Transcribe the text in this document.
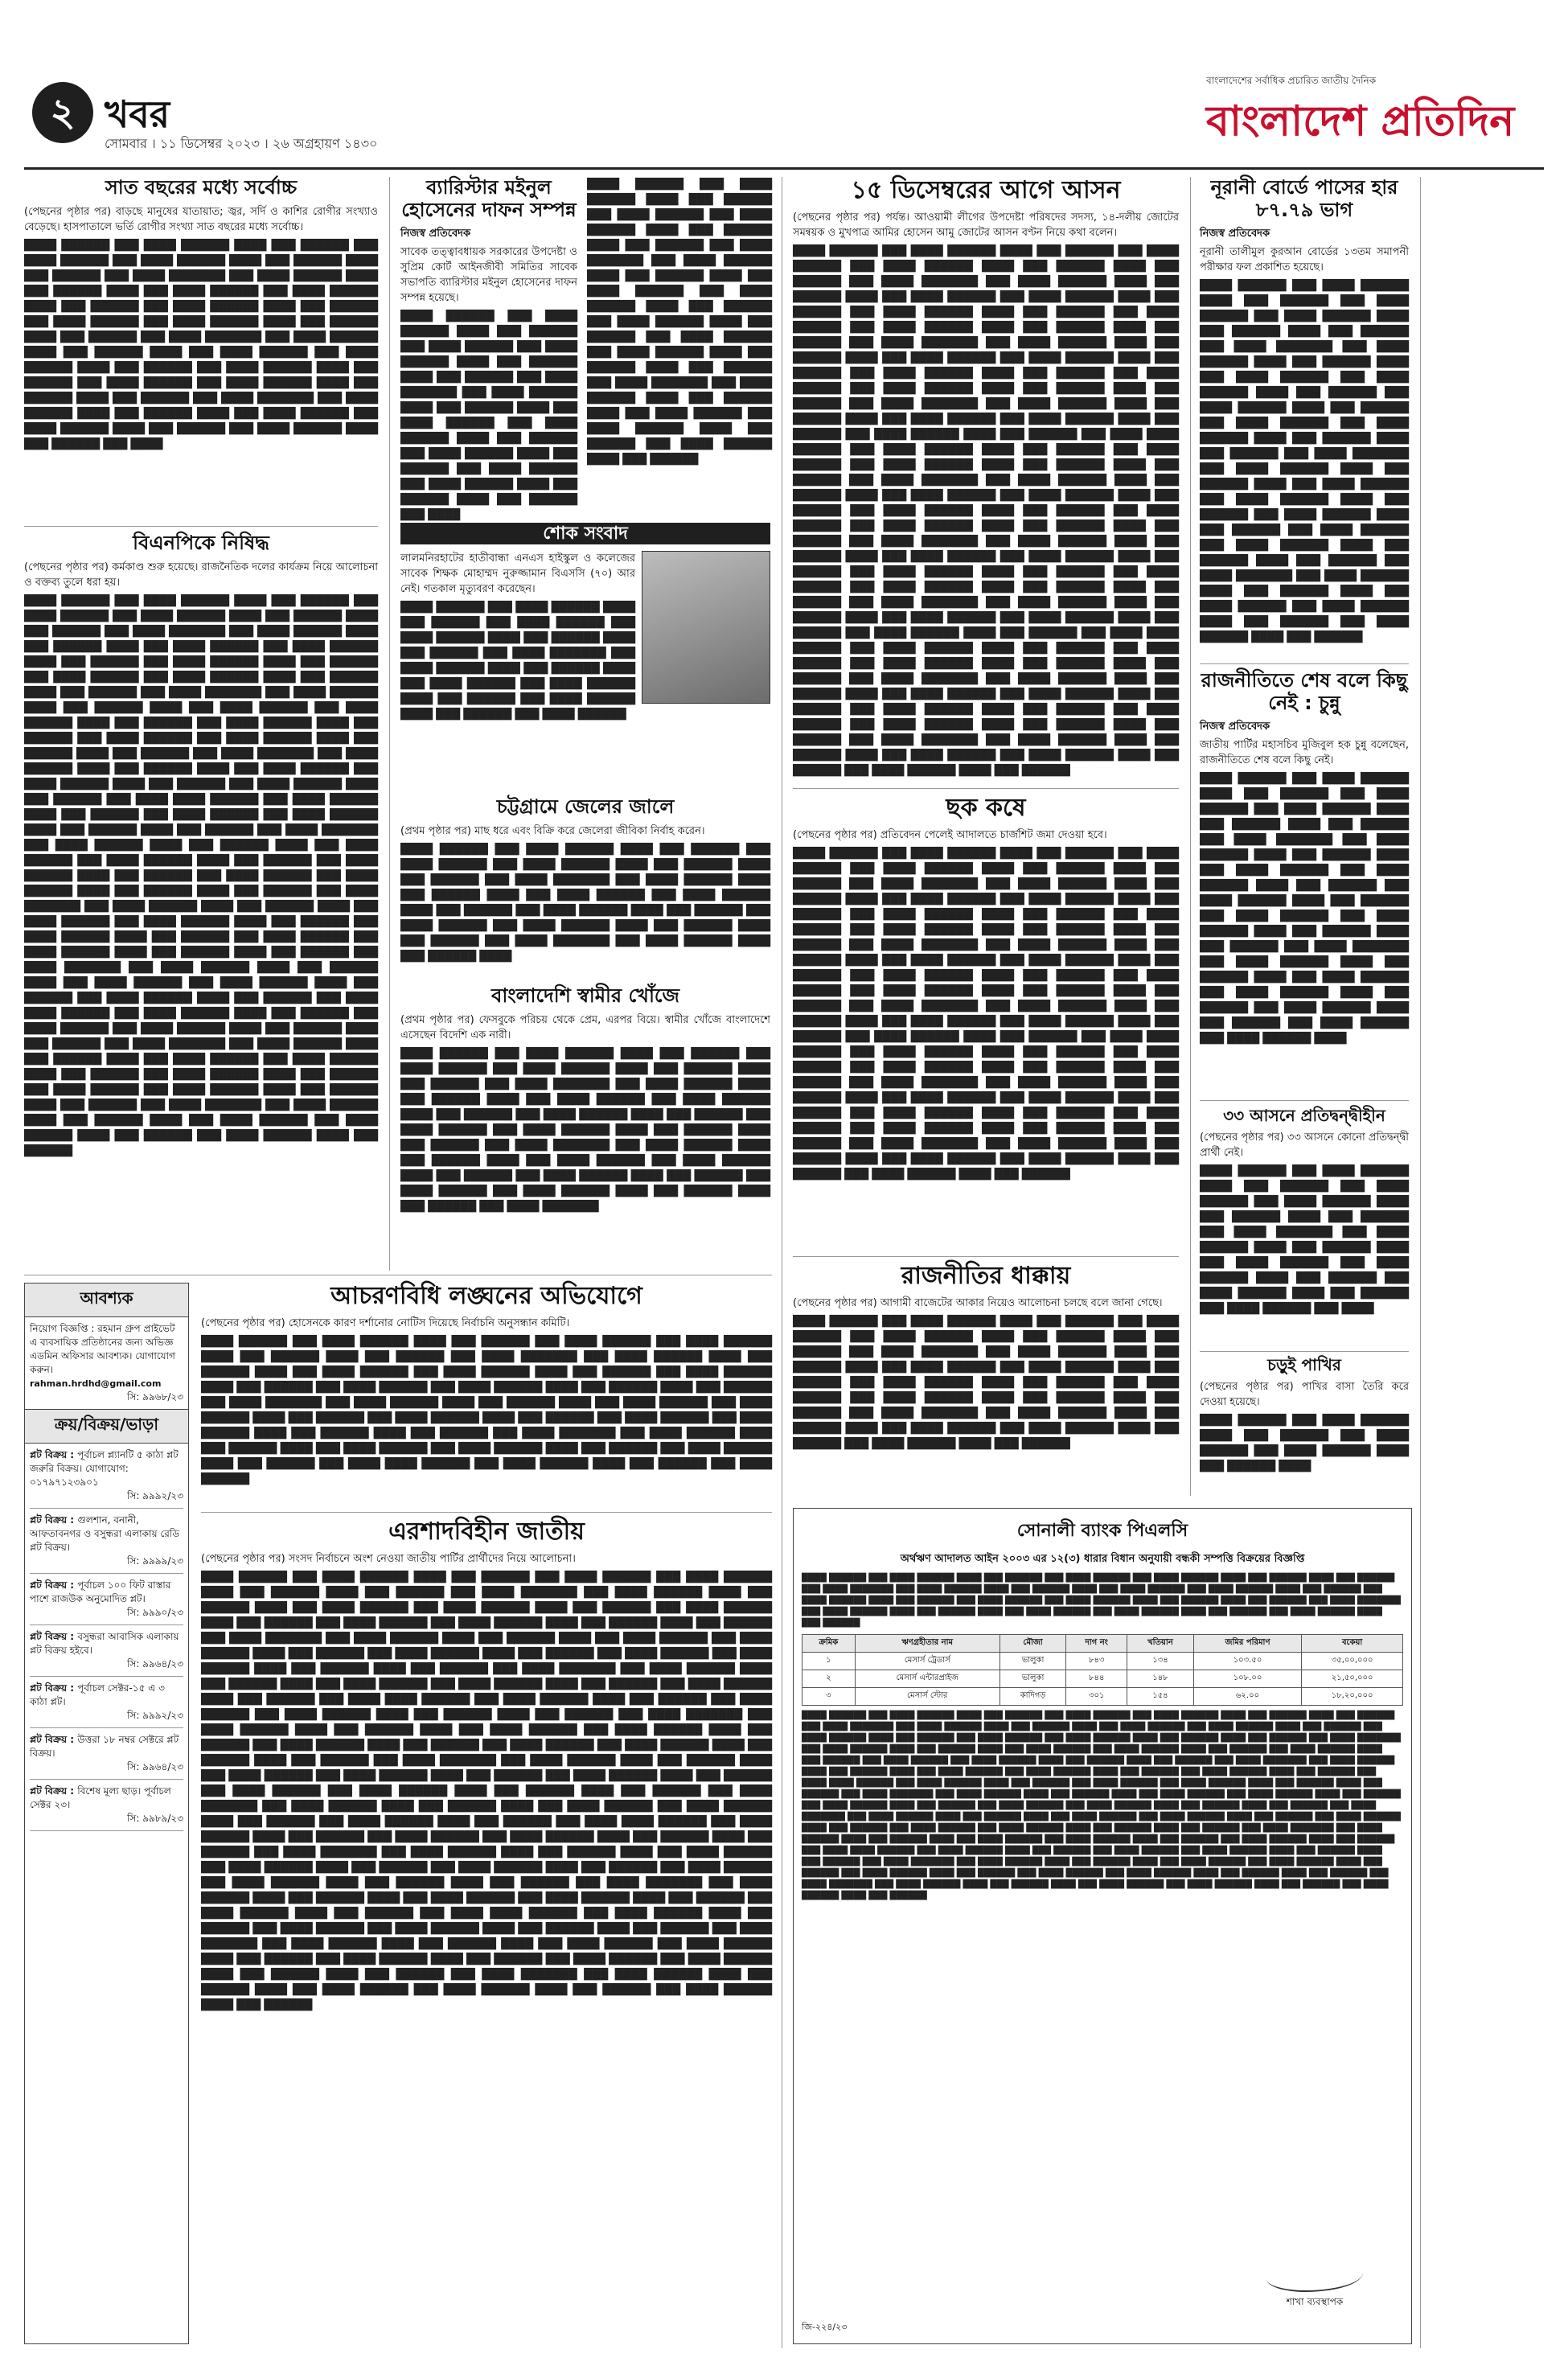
২ খবর
সোমবার । ১১ ডিসেম্বর ২০২৩ । ২৬ অগ্রহায়ণ ১৪৩০
বাংলাদেশের সর্বাধিক প্রচারিত জাতীয় দৈনিক
বাংলাদেশ প্রতিদিন
সাত বছরের মধ্যে সর্বোচ্চ

(পেছনের পৃষ্ঠার পর) বাড়ছে মানুষের যাতায়াত; জ্বর, সর্দি ও কাশির রোগীর সংখ্যাও বেড়েছে। হাসপাতালে ভর্তি রোগীর সংখ্যা সাত বছরের মধ্যে সর্বোচ্চ।

████ ██████ ███ ████ ██████ ████ ███ ██████ ███ ████ ██████ ███ ████ ██████ ████ ███ ██████ ████ ███ ██████ ███ ████ ███████ ███ ████ ██████ ████ ███ ██████ ████ ███ ████ ██████ ███ ████ ██████ ████ ███ ██████ ███ ████ ██████ ████ ███ ██████ ███ ████ ██████ ███ ████ ██████ ████ ███ ██████ ████ ███ ██████ ███ ████ ███████ ███ ████ ██████ ████ ███ ██████ ████ ███ ████ ██████ ███ ████ ██████ ████ ███ ██████ ███ ████ ██████ ████ ███ ██████ ███ ████ ██████ ███ ████ ██████ ████ ███ ██████ ████ ███ ██████ ███ ████ ███████ ███ ████ ██████ ████ ███ ██████ ████ ███ ████ ██████ ███ ████ ██████ ████ ███ ██████ ███ ████ ██████ ████ ███ ██████ ███ ████

বিএনপিকে নিষিদ্ধ

(পেছনের পৃষ্ঠার পর) কর্মকাণ্ড শুরু হয়েছে। রাজনৈতিক দলের কার্যক্রম নিয়ে আলোচনা ও বক্তব্য তুলে ধরা হয়।

████ ██████ ███ ████ ██████ ████ ███ ██████ ███ ████ ██████ ███ ████ ██████ ████ ███ ██████ ████ ███ ██████ ███ ████ ███████ ███ ████ ██████ ████ ███ ██████ ████ ███ ████ ██████ ███ ████ ██████ ████ ███ ██████ ███ ████ ██████ ████ ███ ██████ ███ ████ ██████ ███ ████ ██████ ████ ███ ██████ ████ ███ ██████ ███ ████ ███████ ███ ████ ██████ ████ ███ ██████ ████ ███ ████ ██████ ███ ████ ██████ ████ ███ ██████ ███ ████ ██████ ████ ███ ██████ ███ ████ ██████ ███ ████ ██████ ████ ███ ██████ ████ ███ ██████ ███ ████ ███████ ███ ████ ██████ ████ ███ ██████ ████ ███ ████ ██████ ███ ████ ██████ ████ ███ ██████ ███ ████ ██████ ████ ███ ██████ ███ ████ ████ ██████ ███ ████ ██████ ████ ███ ██████ ███ ████ ██████ ███ ████ ██████ ████ ███ ██████ ████ ███ ██████ ███ ████ ███████ ███ ████ ██████ ████ ███ ██████ ████ ███ ████ ██████ ███ ████ ██████ ████ ███ ██████ ███ ████ ██████ ████ ███ ██████ ███ ████ ██████ ███ ████ ██████ ████ ███ ██████ ████ ███ ██████ ███ ████ ███████ ███ ████ ██████ ████ ███ ██████ ████ ███ ████ ██████ ███ ████ ██████ ████ ███ ██████ ███ ████ ██████ ████ ███ ██████ ███ ████ ██████ ███ ████ ██████ ████ ███ ██████ ████ ███ ██████ ███ ████ ███████ ███ ████ ██████ ████ ███ ██████ ████ ███ ████ ██████ ███ ████ ██████ ████ ███ ██████ ███ ████ ██████ ████ ███ ██████ ███ ████ ████ ██████ ███ ████ ██████ ████ ███ ██████ ███ ████ ██████ ███ ████ ██████ ████ ███ ██████ ████ ███ ██████ ███ ████ ███████ ███ ████ ██████ ████ ███ ██████ ████ ███ ████ ██████ ███ ████ ██████ ████ ███ ██████ ███ ████ ██████ ████ ███ ██████ ███ ████ ██████ ███ ████ ██████ ████ ███ ██████ ████ ███ ██████ ███ ████ ███████ ███ ████ ██████ ████ ███ ██████ ████ ███ ████ ██████ ███ ████ ██████ ████ ███ ██████ ███ ████ ██████ ████ ███ ██████

ব্যারিস্টার মইনুল হোসেনের দাফন সম্পন্ন
নিজস্ব প্রতিবেদক

সাবেক তত্ত্বাবধায়ক সরকারের উপদেষ্টা ও সুপ্রিম কোর্ট আইনজীবী সমিতির সাবেক সভাপতি ব্যারিস্টার মইনুল হোসেনের দাফন সম্পন্ন হয়েছে।

████ ██████ ███ ████ ██████ ████ ███ ██████ ███ ████ ██████ ███ ████ ██████ ████ ███ ██████ ████ ███ ██████ ███ ████ ███████ ███ ████ ██████ ████ ███ ██████ ████ ███ ████ ██████ ███ ████ ██████ ████ ███ ██████ ███ ████ ██████ ████ ███ ██████ ███ ████ ██████ ███ ████ ██████ ████ ███ ██████ ████ ███ ██████ ███ ████

████ ██████ ███ ████ ██████ ████ ███ ██████ ███ ████ ██████ ███ ████ ██████ ████ ███ ██████ ████ ███ ██████ ███ ████ ███████ ███ ████ ██████ ████ ███ ██████ ████ ███ ████ ██████ ███ ████ ██████ ████ ███ ██████ ███ ████ ██████ ████ ███ ██████ ███ ████ ██████ ███ ████ ██████ ████ ███ ██████ ████ ███ ██████ ███ ████ ███████ ███ ████ ██████ ████ ███ ██████ ████ ███ ████ ██████ ███ ████ ██████ ████ ███ ██████ ███ ████ ██████ ████ ███ ██████

শোক সংবাদ

লালমনিরহাটের হাতীবান্ধা এনএস হাইস্কুল ও কলেজের সাবেক শিক্ষক মোহাম্মদ নুরুজ্জামান বিএসসি (৭০) আর নেই। গতকাল মৃত্যুবরণ করেছেন।

████ ██████ ███ ████ ██████ ████ ███ ██████ ███ ████ ██████ ███ ████ ██████ ████ ███ ██████ ████ ███ ██████ ███ ████ ███████ ███ ████ ██████ ████ ███ ██████ ████ ███ ████ ██████ ███ ████ ██████ ████ ███ ██████ ███ ████ ██████ ████ ███ ██████ ███ ████ ██████

চট্টগ্রামে জেলের জালে

(প্রথম পৃষ্ঠার পর) মাছ ধরে এবং বিক্রি করে জেলেরা জীবিকা নির্বাহ করেন।

████ ██████ ███ ████ ██████ ████ ███ ██████ ███ ████ ██████ ███ ████ ██████ ████ ███ ██████ ████ ███ ██████ ███ ████ ███████ ███ ████ ██████ ████ ███ ██████ ████ ███ ████ ██████ ███ ████ ██████ ████ ███ ██████ ███ ████ ██████ ████ ███ ██████ ███ ████ ██████ ███ ████ ██████ ████ ███ ██████ ████ ███ ██████ ███ ████ ███████ ███ ████ ██████ ████ ███ ██████ ████

বাংলাদেশি স্বামীর খোঁজে

(প্রথম পৃষ্ঠার পর) ফেসবুকে পরিচয় থেকে প্রেম, এরপর বিয়ে। স্বামীর খোঁজে বাংলাদেশে এসেছেন বিদেশি এক নারী।

████ ██████ ███ ████ ██████ ████ ███ ██████ ███ ████ ██████ ███ ████ ██████ ████ ███ ██████ ████ ███ ██████ ███ ████ ███████ ███ ████ ██████ ████ ███ ██████ ████ ███ ████ ██████ ███ ████ ██████ ████ ███ ██████ ███ ████ ██████ ████ ███ ██████ ███ ████ ██████ ███ ████ ██████ ████ ███ ██████ ████ ███ ██████ ███ ████ ███████ ███ ████ ██████ ████ ███ ██████ ████ ███ ████ ██████ ███ ████ ██████ ████ ███ ██████ ███ ████ ██████ ████ ███ ██████ ███ ████ ██████ ███ ████ ██████ ████ ███ ██████ ████ ███ ██████ ███ ████ ███████

আবশ্যক

নিয়োগ বিজ্ঞপ্তি : রহমান গ্রুপ প্রাইভেট এ ব্যবসায়িক প্রতিষ্ঠানের জন্য অভিজ্ঞ এডমিন অফিসার আবশ্যক। যোগাযোগ করুন।

rahman.hrdhd@gmail.com

সি: ৯৯৬৮/২৩

ক্রয়/বিক্রয়/ভাড়া
প্লট বিক্রয় : পূর্বাচল প্ল্যানটি ৫ কাঠা প্লট জরুরি বিক্রয়। যোগাযোগ: ০১৭৯৭১২৩৯০১
সি: ৯৯৯২/২৩
প্লট বিক্রয় : গুলশান, বনানী, আফতাবনগর ও বসুন্ধরা এলাকায় রেডি প্লট বিক্রয়।
সি: ৯৯৯৯/২৩
প্লট বিক্রয় : পূর্বাচল ১০০ ফিট রাস্তার পাশে রাজউক অনুমোদিত প্লট।
সি: ৯৯৯০/২৩
প্লট বিক্রয় : বসুন্ধরা আবাসিক এলাকায় প্লট বিক্রয় হইবে।
সি: ৯৯৬৪/২৩
প্লট বিক্রয় : পূর্বাচল সেক্টর-১৫ এ ৩ কাঠা প্লট।
সি: ৯৯৯২/২৩
প্লট বিক্রয় : উত্তরা ১৮ নম্বর সেক্টরে প্লট বিক্রয়।
সি: ৯৯৬৪/২৩
প্লট বিক্রয় : বিশেষ মূল্য ছাড়। পূর্বাচল সেক্টর ২৩।
সি: ৯৯৮৯/২৩
আচরণবিধি লঙ্ঘনের অভিযোগে

(পেছনের পৃষ্ঠার পর) হোসেনকে কারণ দর্শানোর নোটিস দিয়েছে নির্বাচনি অনুসন্ধান কমিটি।

████ ██████ ███ ████ ██████ ████ ███ ██████ ███ ████ ██████ ███ ████ ██████ ████ ███ ██████ ████ ███ ██████ ███ ████ ███████ ███ ████ ██████ ████ ███ ██████ ████ ███ ████ ██████ ███ ████ ██████ ████ ███ ██████ ███ ████ ██████ ████ ███ ██████ ███ ████ ██████ ███ ████ ██████ ████ ███ ██████ ████ ███ ██████ ███ ████ ███████ ███ ████ ██████ ████ ███ ██████ ████ ███ ████ ██████ ███ ████ ██████ ████ ███ ██████ ███ ████ ██████ ████ ███ ██████ ███ ████ ██████ ███ ████ ██████ ████ ███ ██████ ████ ███ ██████ ███ ████ ███████ ███ ████ ██████ ████ ███ ██████ ████ ███ ████ ██████ ███ ████ ██████ ████ ███ ██████ ███ ████ ██████ ████ ███ ██████ ███ ████ ████ ██████ ███ ████ ██████ ████ ███ ██████ ███ ████ ██████

এরশাদবিহীন জাতীয়

(পেছনের পৃষ্ঠার পর) সংসদ নির্বাচনে অংশ নেওয়া জাতীয় পার্টির প্রার্থীদের নিয়ে আলোচনা।

████ ██████ ███ ████ ██████ ████ ███ ██████ ███ ████ ██████ ███ ████ ██████ ████ ███ ██████ ████ ███ ██████ ███ ████ ███████ ███ ████ ██████ ████ ███ ██████ ████ ███ ████ ██████ ███ ████ ██████ ████ ███ ██████ ███ ████ ██████ ████ ███ ██████ ███ ████ ██████ ███ ████ ██████ ████ ███ ██████ ████ ███ ██████ ███ ████ ███████ ███ ████ ██████ ████ ███ ██████ ████ ███ ████ ██████ ███ ████ ██████ ████ ███ ██████ ███ ████ ██████ ████ ███ ██████ ███ ████ ██████ ███ ████ ██████ ████ ███ ██████ ████ ███ ██████ ███ ████ ███████ ███ ████ ██████ ████ ███ ██████ ████ ███ ████ ██████ ███ ████ ██████ ████ ███ ██████ ███ ████ ██████ ████ ███ ██████ ███ ████ ████ ██████ ███ ████ ██████ ████ ███ ██████ ███ ████ ██████ ███ ████ ██████ ████ ███ ██████ ████ ███ ██████ ███ ████ ███████ ███ ████ ██████ ████ ███ ██████ ████ ███ ████ ██████ ███ ████ ██████ ████ ███ ██████ ███ ████ ██████ ████ ███ ██████ ███ ████ ██████ ███ ████ ██████ ████ ███ ██████ ████ ███ ██████ ███ ████ ███████ ███ ████ ██████ ████ ███ ██████ ████ ███ ████ ██████ ███ ████ ██████ ████ ███ ██████ ███ ████ ██████ ████ ███ ██████ ███ ████ ██████ ███ ████ ██████ ████ ███ ██████ ████ ███ ██████ ███ ████ ███████ ███ ████ ██████ ████ ███ ██████ ████ ███ ████ ██████ ███ ████ ██████ ████ ███ ██████ ███ ████ ██████ ████ ███ ██████ ███ ████ ████ ██████ ███ ████ ██████ ████ ███ ██████ ███ ████ ██████ ███ ████ ██████ ████ ███ ██████ ████ ███ ██████ ███ ████ ███████ ███ ████ ██████ ████ ███ ██████ ████ ███ ████ ██████ ███ ████ ██████ ████ ███ ██████ ███ ████ ██████ ████ ███ ██████ ███ ████ ██████ ███ ████ ██████ ████ ███ ██████ ████ ███ ██████ ███ ████ ███████ ███ ████ ██████ ████ ███ ██████ ████ ███ ████ ██████ ███ ████ ██████ ████ ███ ██████ ███ ████ ██████ ████ ███ ██████ ███ ████ ████ ██████ ███ ████ ██████ ████ ███ ██████ ███ ████ ██████ ███ ████ ██████ ████ ███ ██████ ████ ███ ██████ ███ ████ ███████ ███ ████ ██████ ████ ███ ██████ ████ ███ ████ ██████ ███ ████ ██████ ████ ███ ██████ ███ ████ ██████ ████ ███ ██████ ███ ████ ██████ ███ ████ ██████ ████ ███ ██████ ████ ███ ██████ ███ ████ ███████ ███ ████ ██████ ████ ███ ██████ ████ ███ ████ ██████ ███ ████ ██████ ████ ███ ██████ ███ ████ ██████ ████ ███ ██████

১৫ ডিসেম্বরের আগে আসন

(পেছনের পৃষ্ঠার পর) পর্যন্ত। আওয়ামী লীগের উপদেষ্টা পরিষদের সদস্য, ১৪-দলীয় জোটের সমন্বয়ক ও মুখপাত্র আমির হোসেন আমু জোটের আসন বণ্টন নিয়ে কথা বলেন।

████ ██████ ███ ████ ██████ ████ ███ ██████ ███ ████ ██████ ███ ████ ██████ ████ ███ ██████ ████ ███ ██████ ███ ████ ███████ ███ ████ ██████ ████ ███ ██████ ████ ███ ████ ██████ ███ ████ ██████ ████ ███ ██████ ███ ████ ██████ ████ ███ ██████ ███ ████ ██████ ███ ████ ██████ ████ ███ ██████ ████ ███ ██████ ███ ████ ███████ ███ ████ ██████ ████ ███ ██████ ████ ███ ████ ██████ ███ ████ ██████ ████ ███ ██████ ███ ████ ██████ ████ ███ ██████ ███ ████ ██████ ███ ████ ██████ ████ ███ ██████ ████ ███ ██████ ███ ████ ███████ ███ ████ ██████ ████ ███ ██████ ████ ███ ████ ██████ ███ ████ ██████ ████ ███ ██████ ███ ████ ██████ ████ ███ ██████ ███ ████ ████ ██████ ███ ████ ██████ ████ ███ ██████ ███ ████ ██████ ███ ████ ██████ ████ ███ ██████ ████ ███ ██████ ███ ████ ███████ ███ ████ ██████ ████ ███ ██████ ████ ███ ████ ██████ ███ ████ ██████ ████ ███ ██████ ███ ████ ██████ ████ ███ ██████ ███ ████ ██████ ███ ████ ██████ ████ ███ ██████ ████ ███ ██████ ███ ████ ███████ ███ ████ ██████ ████ ███ ██████ ████ ███ ████ ██████ ███ ████ ██████ ████ ███ ██████ ███ ████ ██████ ████ ███ ██████ ███ ████ ██████ ███ ████ ██████ ████ ███ ██████ ████ ███ ██████ ███ ████ ███████ ███ ████ ██████ ████ ███ ██████ ████ ███ ████ ██████ ███ ████ ██████ ████ ███ ██████ ███ ████ ██████ ████ ███ ██████ ███ ████ ████ ██████ ███ ████ ██████ ████ ███ ██████ ███ ████ ██████ ███ ████ ██████ ████ ███ ██████ ████ ███ ██████ ███ ████ ███████ ███ ████ ██████ ████ ███ ██████ ████ ███ ████ ██████ ███ ████ ██████ ████ ███ ██████ ███ ████ ██████ ████ ███ ██████ ███ ████ ██████ ███ ████ ██████ ████ ███ ██████ ████ ███ ██████ ███ ████ ███████ ███ ████ ██████ ████ ███ ██████ ████ ███ ████ ██████ ███ ████ ██████ ████ ███ ██████ ███ ████ ██████ ████ ███ ██████

ছক কষে

(পেছনের পৃষ্ঠার পর) প্রতিবেদন পেলেই আদালতে চার্জশিট জমা দেওয়া হবে।

████ ██████ ███ ████ ██████ ████ ███ ██████ ███ ████ ██████ ███ ████ ██████ ████ ███ ██████ ████ ███ ██████ ███ ████ ███████ ███ ████ ██████ ████ ███ ██████ ████ ███ ████ ██████ ███ ████ ██████ ████ ███ ██████ ███ ████ ██████ ████ ███ ██████ ███ ████ ██████ ███ ████ ██████ ████ ███ ██████ ████ ███ ██████ ███ ████ ███████ ███ ████ ██████ ████ ███ ██████ ████ ███ ████ ██████ ███ ████ ██████ ████ ███ ██████ ███ ████ ██████ ████ ███ ██████ ███ ████ ██████ ███ ████ ██████ ████ ███ ██████ ████ ███ ██████ ███ ████ ███████ ███ ████ ██████ ████ ███ ██████ ████ ███ ████ ██████ ███ ████ ██████ ████ ███ ██████ ███ ████ ██████ ████ ███ ██████ ███ ████ ████ ██████ ███ ████ ██████ ████ ███ ██████ ███ ████ ██████ ███ ████ ██████ ████ ███ ██████ ████ ███ ██████ ███ ████ ███████ ███ ████ ██████ ████ ███ ██████ ████ ███ ████ ██████ ███ ████ ██████ ████ ███ ██████ ███ ████ ██████ ████ ███ ██████ ███ ████ ██████ ███ ████ ██████ ████ ███ ██████ ████ ███ ██████ ███ ████ ███████ ███ ████ ██████ ████ ███ ██████ ████ ███ ████ ██████ ███ ████ ██████ ████ ███ ██████ ███ ████ ██████ ████ ███ ██████

রাজনীতির ধাক্কায়

(পেছনের পৃষ্ঠার পর) আগামী বাজেটের আকার নিয়েও আলোচনা চলছে বলে জানা গেছে।

████ ██████ ███ ████ ██████ ████ ███ ██████ ███ ████ ██████ ███ ████ ██████ ████ ███ ██████ ████ ███ ██████ ███ ████ ███████ ███ ████ ██████ ████ ███ ██████ ████ ███ ████ ██████ ███ ████ ██████ ████ ███ ██████ ███ ████ ██████ ████ ███ ██████ ███ ████ ██████ ███ ████ ██████ ████ ███ ██████ ████ ███ ██████ ███ ████ ███████ ███ ████ ██████ ████ ███ ██████ ████ ███ ████ ██████ ███ ████ ██████ ████ ███ ██████ ███ ████ ██████ ████ ███ ██████

সোনালী ব্যাংক পিএলসি
অর্থঋণ আদালত আইন ২০০৩ এর ১২(৩) ধারার বিধান অনুযায়ী বন্ধকী সম্পত্তি বিক্রয়ের বিজ্ঞপ্তি

████ ██████ ███ ████ ██████ ████ ███ ██████ ███ ████ ██████ ███ ████ ██████ ████ ███ ██████ ████ ███ ██████ ███ ████ ███████ ███ ████ ██████ ████ ███ ██████ ████ ███ ████ ██████ ███ ████ ██████ ████ ███ ██████ ███ ████ ██████ ████ ███ ██████ ███ ████ ██████ ███ ████ ██████ ████ ███ ██████ ████ ███ ██████ ███ ████ ███████ ███ ████ ██████ ████ ███ ██████ ████ ███ ████ ██████ ███ ████ ██████ ████ ███ ██████ ███ ████ ██████ ████ ███ ██████

ক্রমিক	ঋণগ্রহীতার নাম	মৌজা	দাগ নং	খতিয়ান	জমির পরিমাণ	বকেয়া
১	মেসার্স ট্রেডার্স	ভালুকা	৮৪৩	১৩৪	১০৩.৫০	৩৫,০০,০০০
২	মেসার্স এন্টারপ্রাইজ	ভালুকা	৮৪৪	১৪৮	১০৮.০০	২১,৫০,০০০
৩	মেসার্স স্টোর	কাদিগড়	৩০১	১৫৪	৬২.০০	১৮,২০,০০০

████ ██████ ███ ████ ██████ ████ ███ ██████ ███ ████ ██████ ███ ████ ██████ ████ ███ ██████ ████ ███ ██████ ███ ████ ███████ ███ ████ ██████ ████ ███ ██████ ████ ███ ████ ██████ ███ ████ ██████ ████ ███ ██████ ███ ████ ██████ ████ ███ ██████ ███ ████ ██████ ███ ████ ██████ ████ ███ ██████ ████ ███ ██████ ███ ████ ███████ ███ ████ ██████ ████ ███ ██████ ████ ███ ████ ██████ ███ ████ ██████ ████ ███ ██████ ███ ████ ██████ ████ ███ ██████ ███ ████ ██████ ███ ████ ██████ ████ ███ ██████ ████ ███ ██████ ███ ████ ███████ ███ ████ ██████ ████ ███ ██████ ████ ███ ████ ██████ ███ ████ ██████ ████ ███ ██████ ███ ████ ██████ ████ ███ ██████ ███ ████ ████ ██████ ███ ████ ██████ ████ ███ ██████ ███ ████ ██████ ███ ████ ██████ ████ ███ ██████ ████ ███ ██████ ███ ████ ███████ ███ ████ ██████ ████ ███ ██████ ████ ███ ████ ██████ ███ ████ ██████ ████ ███ ██████ ███ ████ ██████ ████ ███ ██████ ███ ████ ██████ ███ ████ ██████ ████ ███ ██████ ████ ███ ██████ ███ ████ ███████ ███ ████ ██████ ████ ███ ██████ ████ ███ ████ ██████ ███ ████ ██████ ████ ███ ██████ ███ ████ ██████ ████ ███ ██████ ███ ████ ██████ ███ ████ ██████ ████ ███ ██████ ████ ███ ██████ ███ ████ ███████ ███ ████ ██████ ████ ███ ██████ ████ ███ ████ ██████ ███ ████ ██████ ████ ███ ██████ ███ ████ ██████ ████ ███ ██████ ███ ████ ████ ██████ ███ ████ ██████ ████ ███ ██████ ███ ████ ██████ ███ ████ ██████ ████ ███ ██████ ████ ███ ██████ ███ ████ ███████ ███ ████ ██████ ████ ███ ██████ ████ ███ ████ ██████ ███ ████ ██████ ████ ███ ██████ ███ ████ ██████ ████ ███ ██████ ███ ████ ██████ ███ ████ ██████ ████ ███ ██████ ████ ███ ██████ ███ ████ ███████ ███ ████ ██████ ████ ███ ██████ ████ ███ ████ ██████ ███ ████ ██████ ████ ███ ██████ ███ ████ ██████ ████ ███ ██████

শাখা ব্যবস্থাপক
জি-২২৪/২৩
নূরানী বোর্ডে পাসের হার ৮৭.৭৯ ভাগ
নিজস্ব প্রতিবেদক

নূরানী তালীমুল কুরআন বোর্ডের ১৩তম সমাপনী পরীক্ষার ফল প্রকাশিত হয়েছে।

████ ██████ ███ ████ ██████ ████ ███ ██████ ███ ████ ██████ ███ ████ ██████ ████ ███ ██████ ████ ███ ██████ ███ ████ ███████ ███ ████ ██████ ████ ███ ██████ ████ ███ ████ ██████ ███ ████ ██████ ████ ███ ██████ ███ ████ ██████ ████ ███ ██████ ███ ████ ██████ ███ ████ ██████ ████ ███ ██████ ████ ███ ██████ ███ ████ ███████ ███ ████ ██████ ████ ███ ██████ ████ ███ ████ ██████ ███ ████ ██████ ████ ███ ██████ ███ ████ ██████ ████ ███ ██████ ███ ████ ██████ ███ ████ ██████ ████ ███ ██████ ████ ███ ██████ ███ ████ ███████ ███ ████ ██████ ████ ███ ██████ ████ ███ ████ ██████ ███ ████ ██████ ████ ███ ██████ ███ ████ ██████ ████ ███ ██████

রাজনীতিতে শেষ বলে কিছু নেই : চুন্নু
নিজস্ব প্রতিবেদক

জাতীয় পার্টির মহাসচিব মুজিবুল হক চুন্নু বলেছেন, রাজনীতিতে শেষ বলে কিছু নেই।

████ ██████ ███ ████ ██████ ████ ███ ██████ ███ ████ ██████ ███ ████ ██████ ████ ███ ██████ ████ ███ ██████ ███ ████ ███████ ███ ████ ██████ ████ ███ ██████ ████ ███ ████ ██████ ███ ████ ██████ ████ ███ ██████ ███ ████ ██████ ████ ███ ██████ ███ ████ ██████ ███ ████ ██████ ████ ███ ██████ ████ ███ ██████ ███ ████ ███████ ███ ████ ██████ ████ ███ ██████ ████ ███ ████ ██████ ███ ████ ██████ ████ ███ ██████ ███ ████ ██████ ████ ███ ██████ ███ ████ ██████ ███ ████ ██████ ████

৩৩ আসনে প্রতিদ্বন্দ্বীহীন

(পেছনের পৃষ্ঠার পর) ৩৩ আসনে কোনো প্রতিদ্বন্দ্বী প্রার্থী নেই।

████ ██████ ███ ████ ██████ ████ ███ ██████ ███ ████ ██████ ███ ████ ██████ ████ ███ ██████ ████ ███ ██████ ███ ████ ███████ ███ ████ ██████ ████ ███ ██████ ████ ███ ████ ██████ ███ ████ ██████ ████ ███ ██████ ███ ████ ██████ ████ ███ ██████ ███ ████ ██████ ███ ████

চড়ুই পাখির

(পেছনের পৃষ্ঠার পর) পাখির বাসা তৈরি করে দেওয়া হয়েছে।

████ ██████ ███ ████ ██████ ████ ███ ██████ ███ ████ ██████ ███ ████ ██████ ████ ███ ██████ ████
